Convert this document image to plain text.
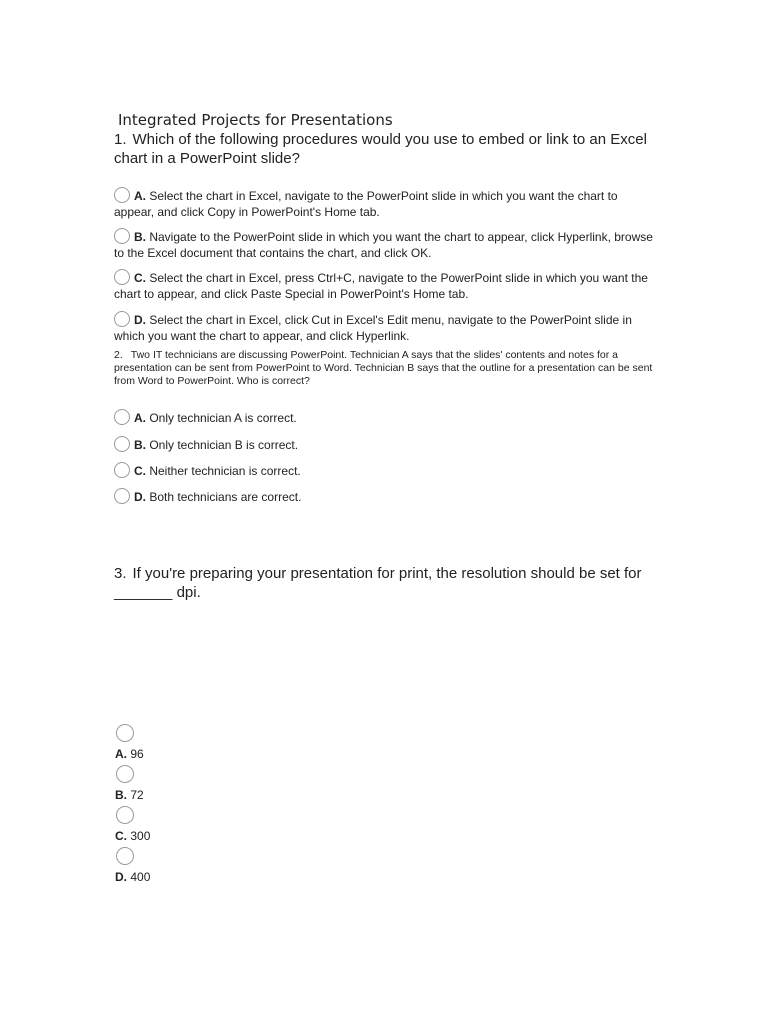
Integrated Projects for Presentations
1. Which of the following procedures would you use to embed or link to an Excel chart in a PowerPoint slide?
A. Select the chart in Excel, navigate to the PowerPoint slide in which you want the chart to appear, and click Copy in PowerPoint's Home tab.
B. Navigate to the PowerPoint slide in which you want the chart to appear, click Hyperlink, browse to the Excel document that contains the chart, and click OK.
C. Select the chart in Excel, press Ctrl+C, navigate to the PowerPoint slide in which you want the chart to appear, and click Paste Special in PowerPoint's Home tab.
D. Select the chart in Excel, click Cut in Excel's Edit menu, navigate to the PowerPoint slide in which you want the chart to appear, and click Hyperlink.
2. Two IT technicians are discussing PowerPoint. Technician A says that the slides' contents and notes for a presentation can be sent from PowerPoint to Word. Technician B says that the outline for a presentation can be sent from Word to PowerPoint. Who is correct?
A. Only technician A is correct.
B. Only technician B is correct.
C. Neither technician is correct.
D. Both technicians are correct.
3. If you're preparing your presentation for print, the resolution should be set for _______ dpi.
A. 96
B. 72
C. 300
D. 400
